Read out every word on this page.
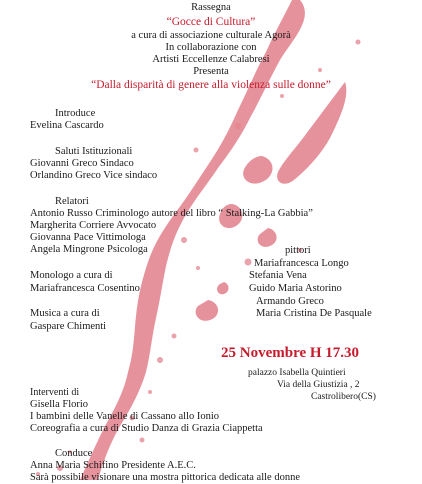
Rassegna
“Gocce di Cultura”
a cura di associazione culturale Agorà
In collaborazione con
Artisti Eccellenze Calabresi
Presenta
“Dalla disparità di genere alla violenza sulle donne”
Introduce
Evelina Cascardo
Saluti Istituzionali
Giovanni Greco Sindaco
Orlandino Greco Vice sindaco
Relatori
Antonio Russo Criminologo autore del libro “ Stalking-La Gabbia”
Margherita Corriere Avvocato
Giovanna Pace Vittimologa
Angela Mingrone Psicologa	pittori
Mariafrancesca Longo
Stefania Vena
Guido Maria Astorino
Armando Greco
Maria Cristina De Pasquale
Monologo a cura di
Mariafrancesca Cosentino
Musica a cura di
Gaspare Chimenti
25 Novembre H 17.30
palazzo Isabella Quintieri
Via della Giustizia , 2
Castrolibero(CS)
Interventi di
Gisella Florio
I bambini delle Vanelle di Cassano allo Ionio
Coreografia a cura di Studio Danza di Grazia Ciappetta
Conduce
Anna Maria Schifino Presidente A.E.C.
Sarà possibile visionare una mostra pittorica dedicata alle donne
